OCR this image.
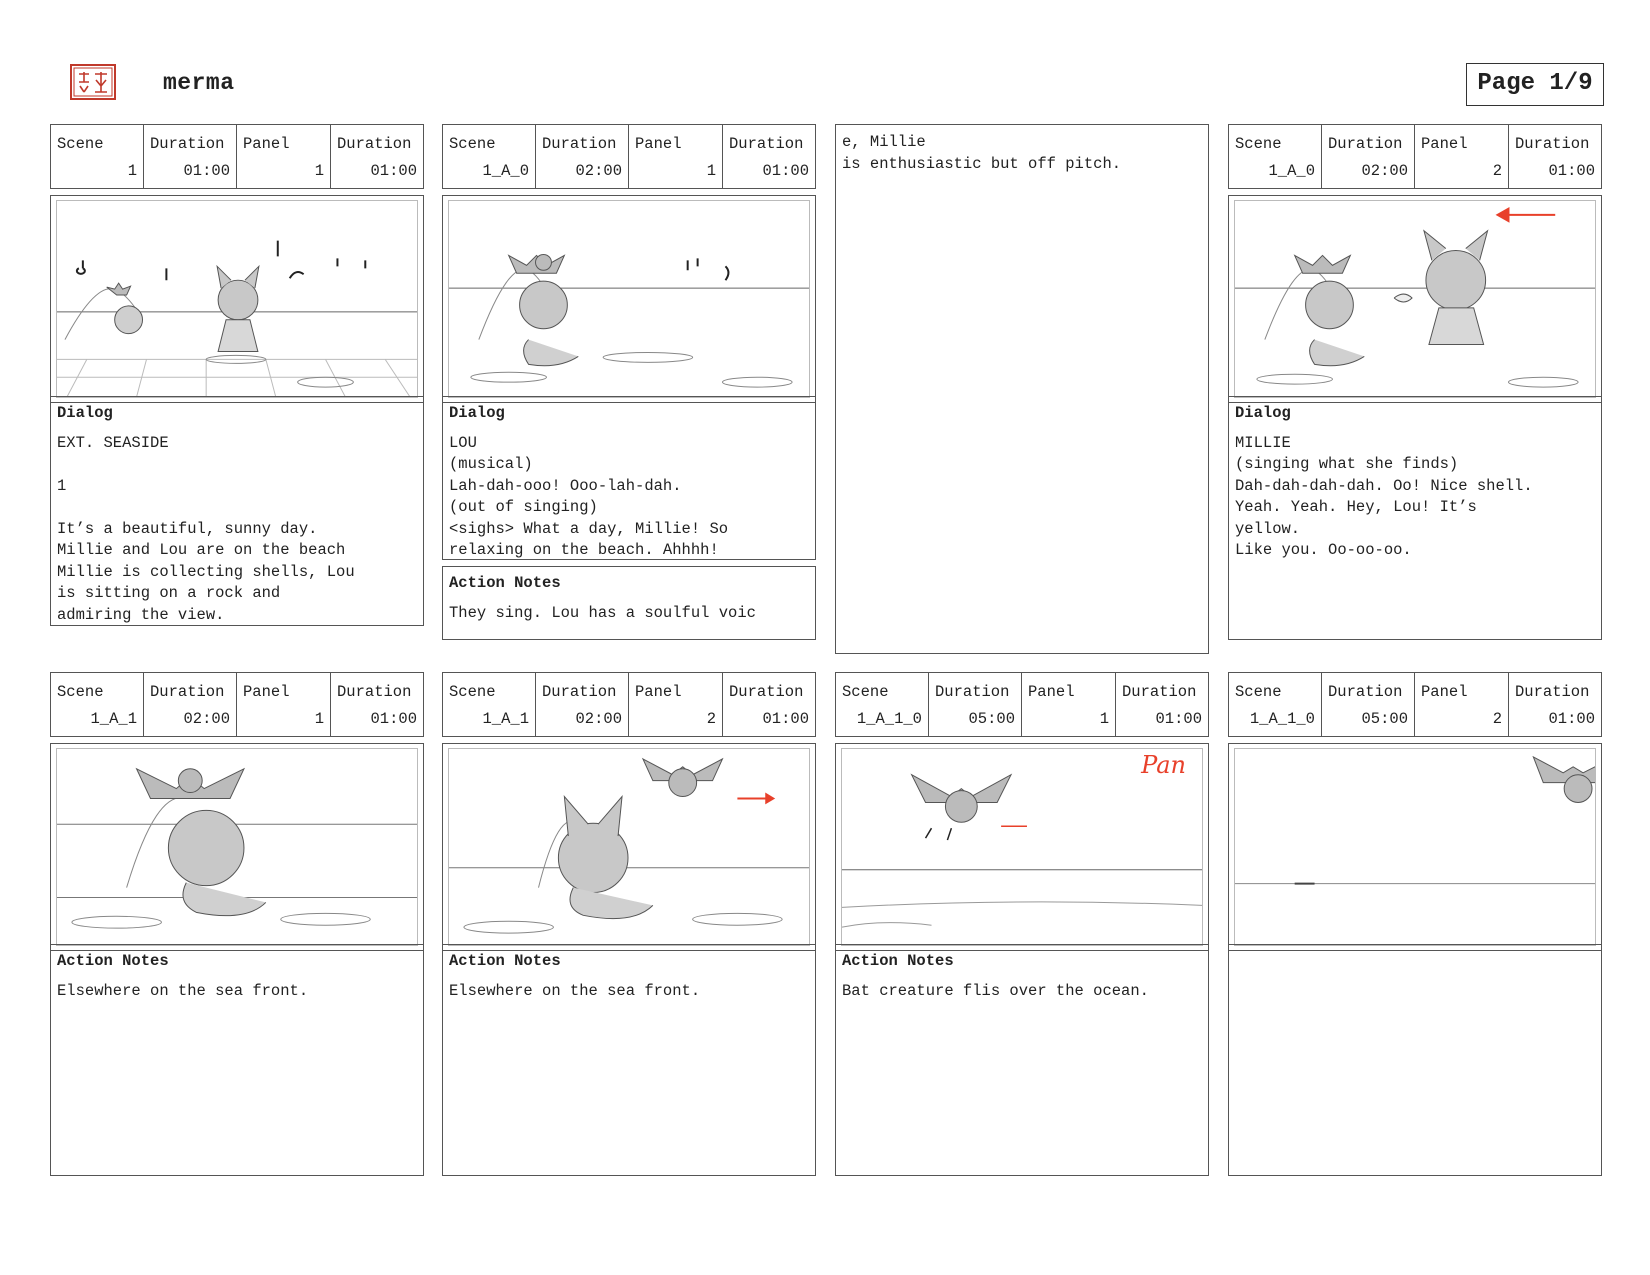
merma	Page 1/9
Scene
1
Duration
01:00
Panel
1
Duration
01:00
Dialog
EXT. SEASIDE

1

It’s a beautiful, sunny day.
Millie and Lou are on the beach
Millie is collecting shells, Lou
is sitting on a rock and
admiring the view.
Scene
1_A_0
Duration
02:00
Panel
1
Duration
01:00
Dialog
LOU
(musical)
Lah-dah-ooo! Ooo-lah-dah.
(out of singing)
<sighs> What a day, Millie! So
relaxing on the beach. Ahhhh!
Action Notes
They sing. Lou has a soulful voic
e, Millie
is enthusiastic but off pitch.
Scene
1_A_0
Duration
02:00
Panel
2
Duration
01:00
Dialog
MILLIE
(singing what she finds)
Dah-dah-dah-dah. Oo! Nice shell.
Yeah. Yeah. Hey, Lou! It’s
yellow.
Like you. Oo-oo-oo.
Scene
1_A_1
Duration
02:00
Panel
1
Duration
01:00
Action Notes
Elsewhere on the sea front.
Scene
1_A_1
Duration
02:00
Panel
2
Duration
01:00
Action Notes
Elsewhere on the sea front.
Scene
1_A_1_0
Duration
05:00
Panel
1
Duration
01:00
Pan
Action Notes
Bat creature flis over the ocean.
Scene
1_A_1_0
Duration
05:00
Panel
2
Duration
01:00
